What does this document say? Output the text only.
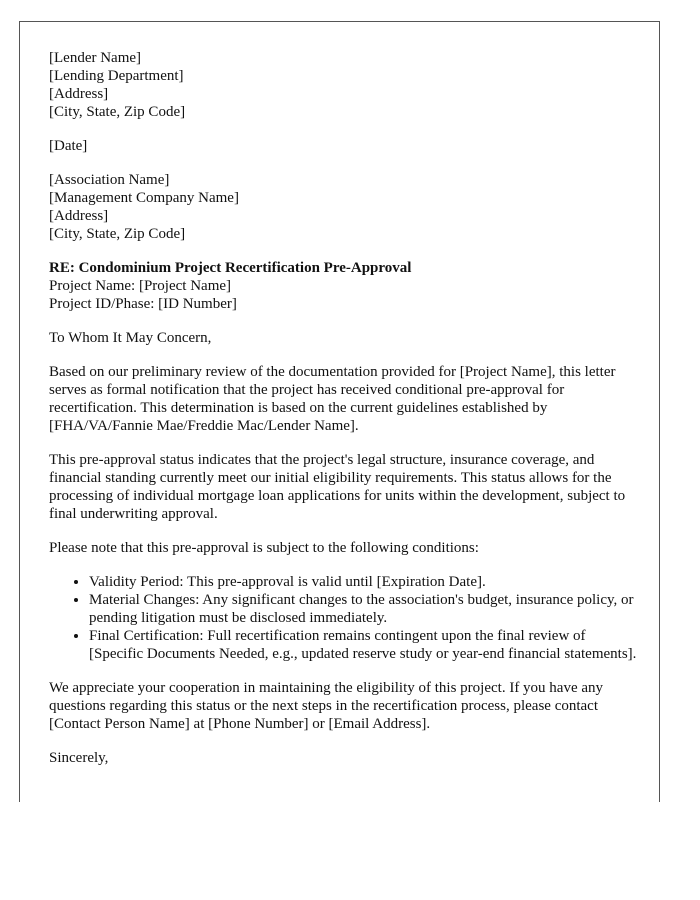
[Lender Name]
[Lending Department]
[Address]
[City, State, Zip Code]
[Date]
[Association Name]
[Management Company Name]
[Address]
[City, State, Zip Code]
RE: Condominium Project Recertification Pre-Approval
Project Name: [Project Name]
Project ID/Phase: [ID Number]

To Whom It May Concern,

Based on our preliminary review of the documentation provided for [Project Name], this letter serves as formal notification that the project has received conditional pre-approval for recertification. This determination is based on the current guidelines established by [FHA/VA/Fannie Mae/Freddie Mac/Lender Name].

This pre-approval status indicates that the project's legal structure, insurance coverage, and financial standing currently meet our initial eligibility requirements. This status allows for the processing of individual mortgage loan applications for units within the development, subject to final underwriting approval.

Please note that this pre-approval is subject to the following conditions:

• Validity Period: This pre-approval is valid until [Expiration Date].
• Material Changes: Any significant changes to the association's budget, insurance policy, or pending litigation must be disclosed immediately.
• Final Certification: Full recertification remains contingent upon the final review of [Specific Documents Needed, e.g., updated reserve study or year-end financial statements].

We appreciate your cooperation in maintaining the eligibility of this project. If you have any questions regarding this status or the next steps in the recertification process, please contact [Contact Person Name] at [Phone Number] or [Email Address].

Sincerely,
